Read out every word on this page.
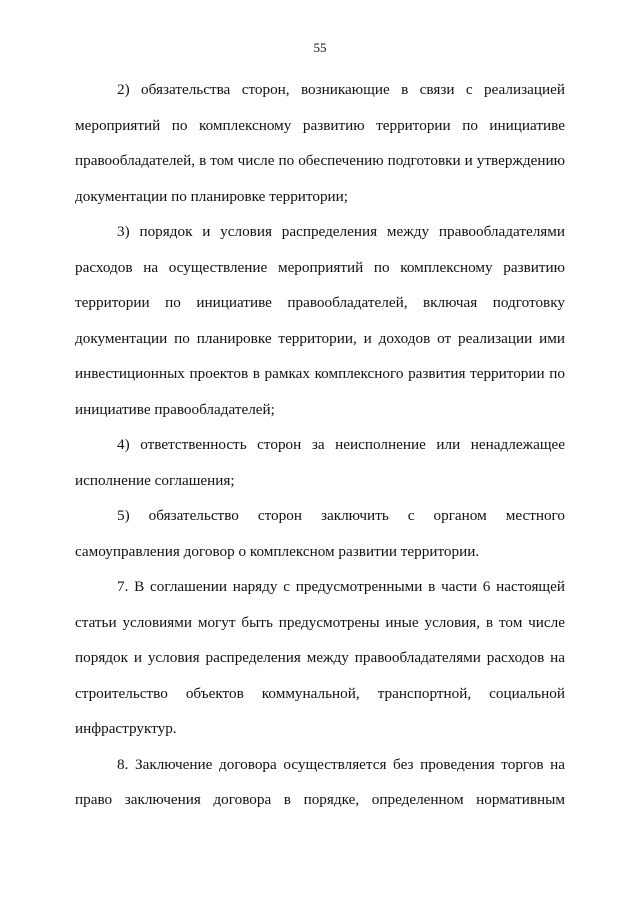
55

2) обязательства сторон, возникающие в связи с реализацией мероприятий по комплексному развитию территории по инициативе правообладателей, в том числе по обеспечению подготовки и утверждению документации по планировке территории;

3) порядок и условия распределения между правообладателями расходов на осуществление мероприятий по комплексному развитию территории по инициативе правообладателей, включая подготовку документации по планировке территории, и доходов от реализации ими инвестиционных проектов в рамках комплексного развития территории по инициативе правообладателей;

4) ответственность сторон за неисполнение или ненадлежащее исполнение соглашения;

5) обязательство сторон заключить с органом местного самоуправления договор о комплексном развитии территории.

7. В соглашении наряду с предусмотренными в части 6 настоящей статьи условиями могут быть предусмотрены иные условия, в том числе порядок и условия распределения между правообладателями расходов на строительство объектов коммунальной, транспортной, социальной инфраструктур.

8. Заключение договора осуществляется без проведения торгов на право заключения договора в порядке, определенном нормативным
